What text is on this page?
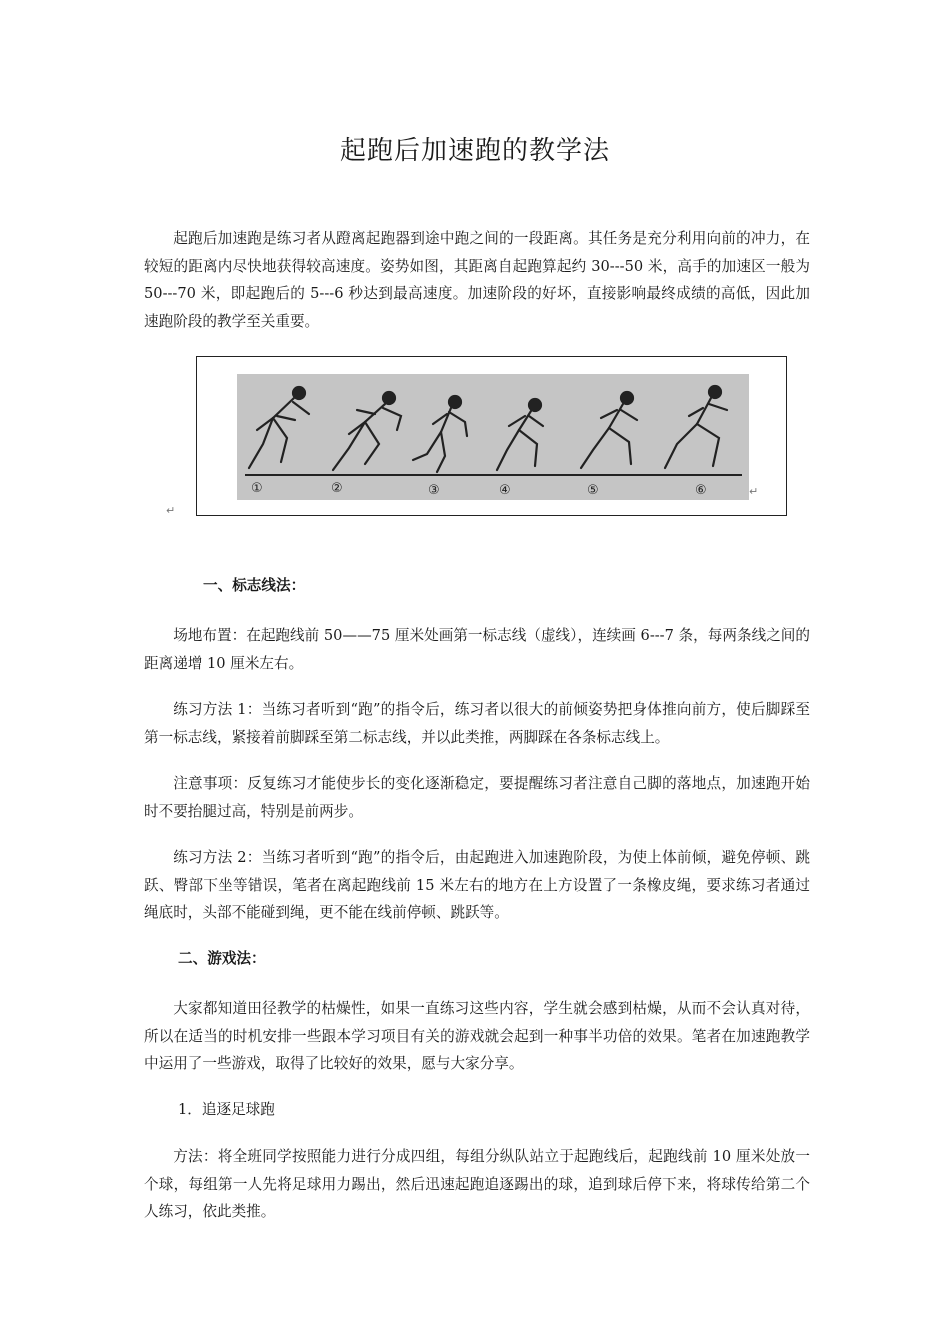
起跑后加速跑的教学法

起跑后加速跑是练习者从蹬离起跑器到途中跑之间的一段距离。其任务是充分利用向前的冲力，在较短的距离内尽快地获得较高速度。姿势如图，其距离自起跑算起约 30---50 米，高手的加速区一般为 50---70 米，即起跑后的 5---6 秒达到最高速度。加速阶段的好坏，直接影响最终成绩的高低，因此加速跑阶段的教学至关重要。

①	②	③	④	⑤	⑥	↵
↵

一、标志线法：

场地布置：在起跑线前 50——75 厘米处画第一标志线（虚线），连续画 6---7 条，每两条线之间的距离递增 10 厘米左右。

练习方法 1：当练习者听到“跑”的指令后，练习者以很大的前倾姿势把身体推向前方，使后脚踩至第一标志线，紧接着前脚踩至第二标志线，并以此类推，两脚踩在各条标志线上。

注意事项：反复练习才能使步长的变化逐渐稳定，要提醒练习者注意自己脚的落地点，加速跑开始时不要抬腿过高，特别是前两步。

练习方法 2：当练习者听到“跑”的指令后，由起跑进入加速跑阶段，为使上体前倾，避免停顿、跳跃、臀部下坐等错误，笔者在离起跑线前 15 米左右的地方在上方设置了一条橡皮绳，要求练习者通过绳底时，头部不能碰到绳，更不能在线前停顿、跳跃等。

二、游戏法：

大家都知道田径教学的枯燥性，如果一直练习这些内容，学生就会感到枯燥，从而不会认真对待，所以在适当的时机安排一些跟本学习项目有关的游戏就会起到一种事半功倍的效果。笔者在加速跑教学中运用了一些游戏，取得了比较好的效果，愿与大家分享。

1．追逐足球跑

方法：将全班同学按照能力进行分成四组，每组分纵队站立于起跑线后，起跑线前 10 厘米处放一个球，每组第一人先将足球用力踢出，然后迅速起跑追逐踢出的球，追到球后停下来，将球传给第二个人练习，依此类推。
